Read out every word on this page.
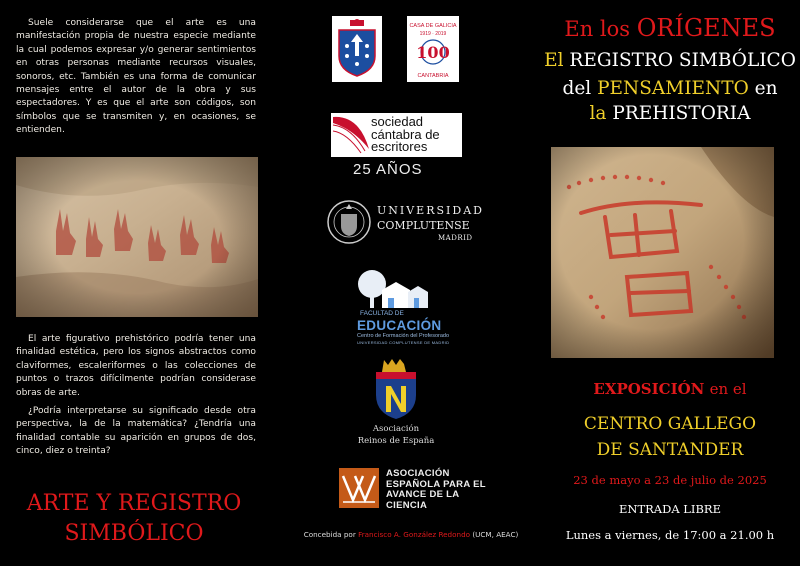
Suele considerarse que el arte es una manifestación propia de nuestra especie mediante la cual podemos expresar y/o generar sentimientos en otras personas mediante recursos visuales, sonoros, etc. También es una forma de comunicar mensajes entre el autor de la obra y sus espectadores. Y es que el arte son códigos, son símbolos que se transmiten y, en ocasiones, se entienden.
El arte figurativo prehistórico podría tener una finalidad estética, pero los signos abstractos como claviformes, escaleriformes o las colecciones de puntos o trazos difícilmente podrían considerase obras de arte.
¿Podría interpretarse su significado desde otra perspectiva, la de la matemática? ¿Tendría una finalidad contable su aparición en grupos de dos, cinco, diez o treinta?
ARTE Y REGISTRO
SIMBÓLICO
CASA DE GALICIA
1919 · 2019
100
CANTABRIA
sociedad
cántabra de
escritores
25 AÑOS
UNIVERSIDAD
COMPLUTENSE
MADRID
FACULTAD DE
EDUCACIÓN
Centro de Formación del Profesorado
UNIVERSIDAD COMPLUTENSE DE MADRID
Asociación
Reinos de España
ASOCIACIÓN
ESPAÑOLA PARA EL
AVANCE DE LA
CIENCIA
Concebida por Francisco A. González Redondo (UCM, AEAC)
En los ORÍGENES
El REGISTRO SIMBÓLICO
del PENSAMIENTO en
la PREHISTORIA
EXPOSICIÓN en el
CENTRO GALLEGO
DE SANTANDER
23 de mayo a 23 de julio de 2025
ENTRADA LIBRE
Lunes a viernes, de 17:00 a 21.00 h
